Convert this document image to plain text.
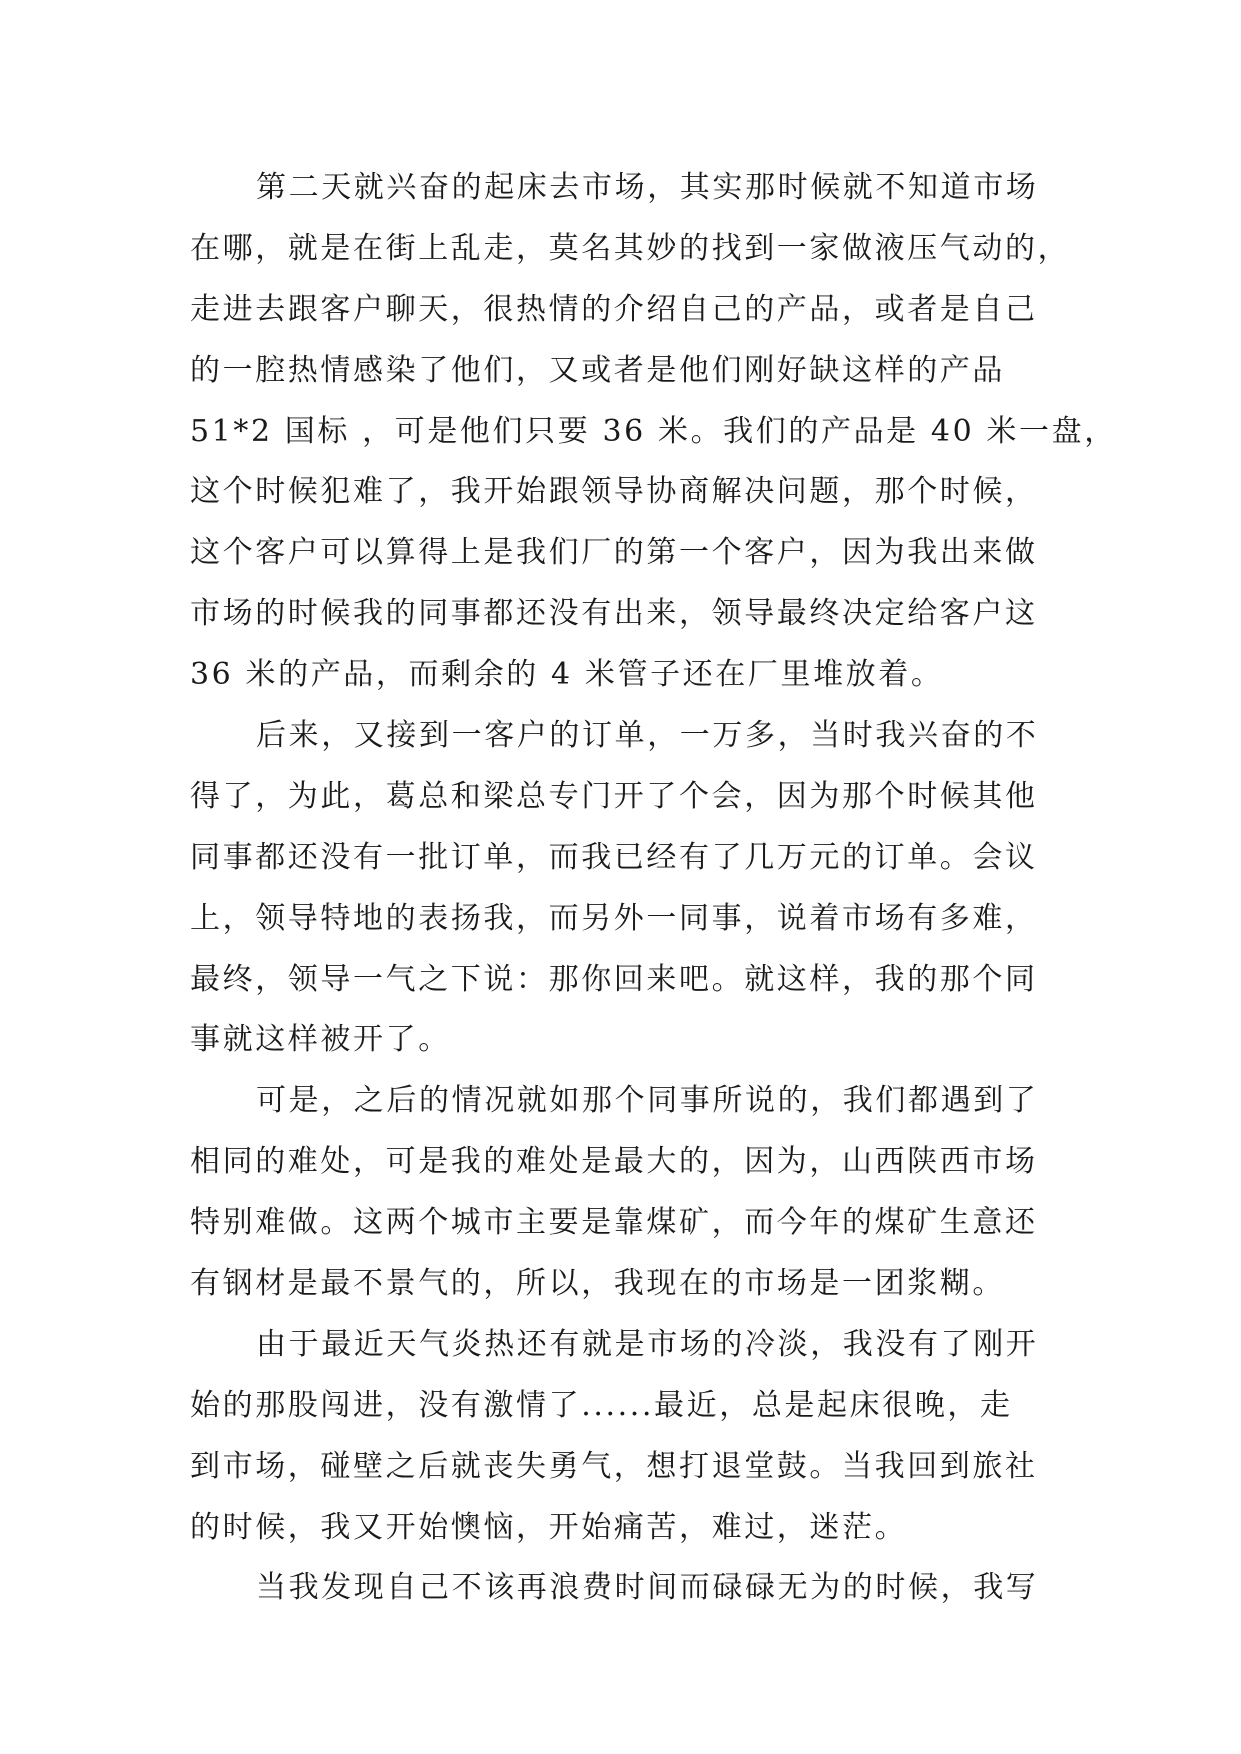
第二天就兴奋的起床去市场，其实那时候就不知道市场
在哪，就是在街上乱走，莫名其妙的找到一家做液压气动的，
走进去跟客户聊天，很热情的介绍自己的产品，或者是自己
的一腔热情感染了他们，又或者是他们刚好缺这样的产品
51*2 国标 ，可是他们只要 36 米。我们的产品是 40 米一盘，
这个时候犯难了，我开始跟领导协商解决问题，那个时候，
这个客户可以算得上是我们厂的第一个客户，因为我出来做
市场的时候我的同事都还没有出来，领导最终决定给客户这
36 米的产品，而剩余的 4 米管子还在厂里堆放着。
后来，又接到一客户的订单，一万多，当时我兴奋的不
得了，为此，葛总和梁总专门开了个会，因为那个时候其他
同事都还没有一批订单，而我已经有了几万元的订单。会议
上，领导特地的表扬我，而另外一同事，说着市场有多难，
最终，领导一气之下说：那你回来吧。就这样，我的那个同
事就这样被开了。
可是，之后的情况就如那个同事所说的，我们都遇到了
相同的难处，可是我的难处是最大的，因为，山西陕西市场
特别难做。这两个城市主要是靠煤矿，而今年的煤矿生意还
有钢材是最不景气的，所以，我现在的市场是一团浆糊。
由于最近天气炎热还有就是市场的冷淡，我没有了刚开
始的那股闯进，没有激情了......最近，总是起床很晚，走
到市场，碰壁之后就丧失勇气，想打退堂鼓。当我回到旅社
的时候，我又开始懊恼，开始痛苦，难过，迷茫。
当我发现自己不该再浪费时间而碌碌无为的时候，我写
